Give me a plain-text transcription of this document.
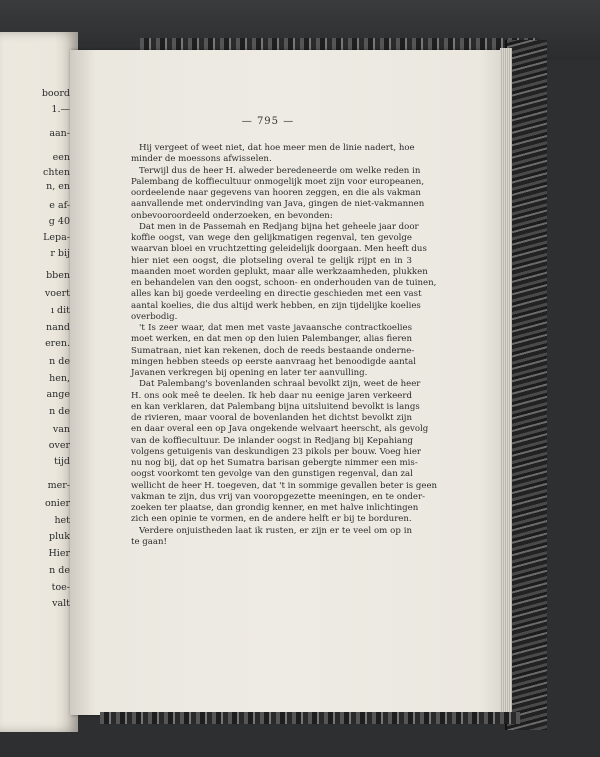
boord
1.—
aan-
een
chten
n, en
e af-
g 40
Lepa-
r bij
bben
voert
ı dit
nand
eren.
n de
hen,
ange
n de
van
over
tijd
mer-
onier
het
pluk
Hier
n de
toe-
valt
— 795 —
Hij vergeet of weet niet, dat hoe meer men de linie nadert, hoe
minder de moessons afwisselen.
Terwijl dus de heer H. alweder beredeneerde om welke reden in
Palembang de koffiecultuur onmogelijk moet zijn voor europeanen,
oordeelende naar gegevens van hooren zeggen, en die als vakman
aanvallende met ondervinding van Java, gingen de niet-vakmannen
onbevooroordeeld onderzoeken, en bevonden:
Dat men in de Passemah en Redjang bijna het geheele jaar door
koffie oogst, van wege den gelijkmatigen regenval, ten gevolge
waarvan bloei en vruchtzetting geleidelijk doorgaan. Men heeft dus
hier niet een oogst, die plotseling overal te gelijk rijpt en in 3
maanden moet worden geplukt, maar alle werkzaamheden, plukken
en behandelen van den oogst, schoon- en onderhouden van de tuinen,
alles kan bij goede verdeeling en directie geschieden met een vast
aantal koelies, die dus altijd werk hebben, en zijn tijdelijke koelies
overbodig.
't Is zeer waar, dat men met vaste javaansche contractkoelies
moet werken, en dat men op den luien Palembanger, alias fieren
Sumatraan, niet kan rekenen, doch de reeds bestaande onderne-
mingen hebben steeds op eerste aanvraag het benoodigde aantal
Javanen verkregen bij opening en later ter aanvulling.
Dat Palembang's bovenlanden schraal bevolkt zijn, weet de heer
H. ons ook meê te deelen. Ik heb daar nu eenige jaren verkeerd
en kan verklaren, dat Palembang bijna uitsluitend bevolkt is langs
de rivieren, maar vooral de bovenlanden het dichtst bevolkt zijn
en daar overal een op Java ongekende welvaart heerscht, als gevolg
van de koffiecultuur. De inlander oogst in Redjang bij Kepahiang
volgens getuigenis van deskundigen 23 pikols per bouw. Voeg hier
nu nog bij, dat op het Sumatra barisan gebergte nimmer een mis-
oogst voorkomt ten gevolge van den gunstigen regenval, dan zal
wellicht de heer H. toegeven, dat 't in sommige gevallen beter is geen
vakman te zijn, dus vrij van vooropgezette meeningen, en te onder-
zoeken ter plaatse, dan grondig kenner, en met halve inlichtingen
zich een opinie te vormen, en de andere helft er bij te borduren.
Verdere onjuistheden laat ik rusten, er zijn er te veel om op in
te gaan!
